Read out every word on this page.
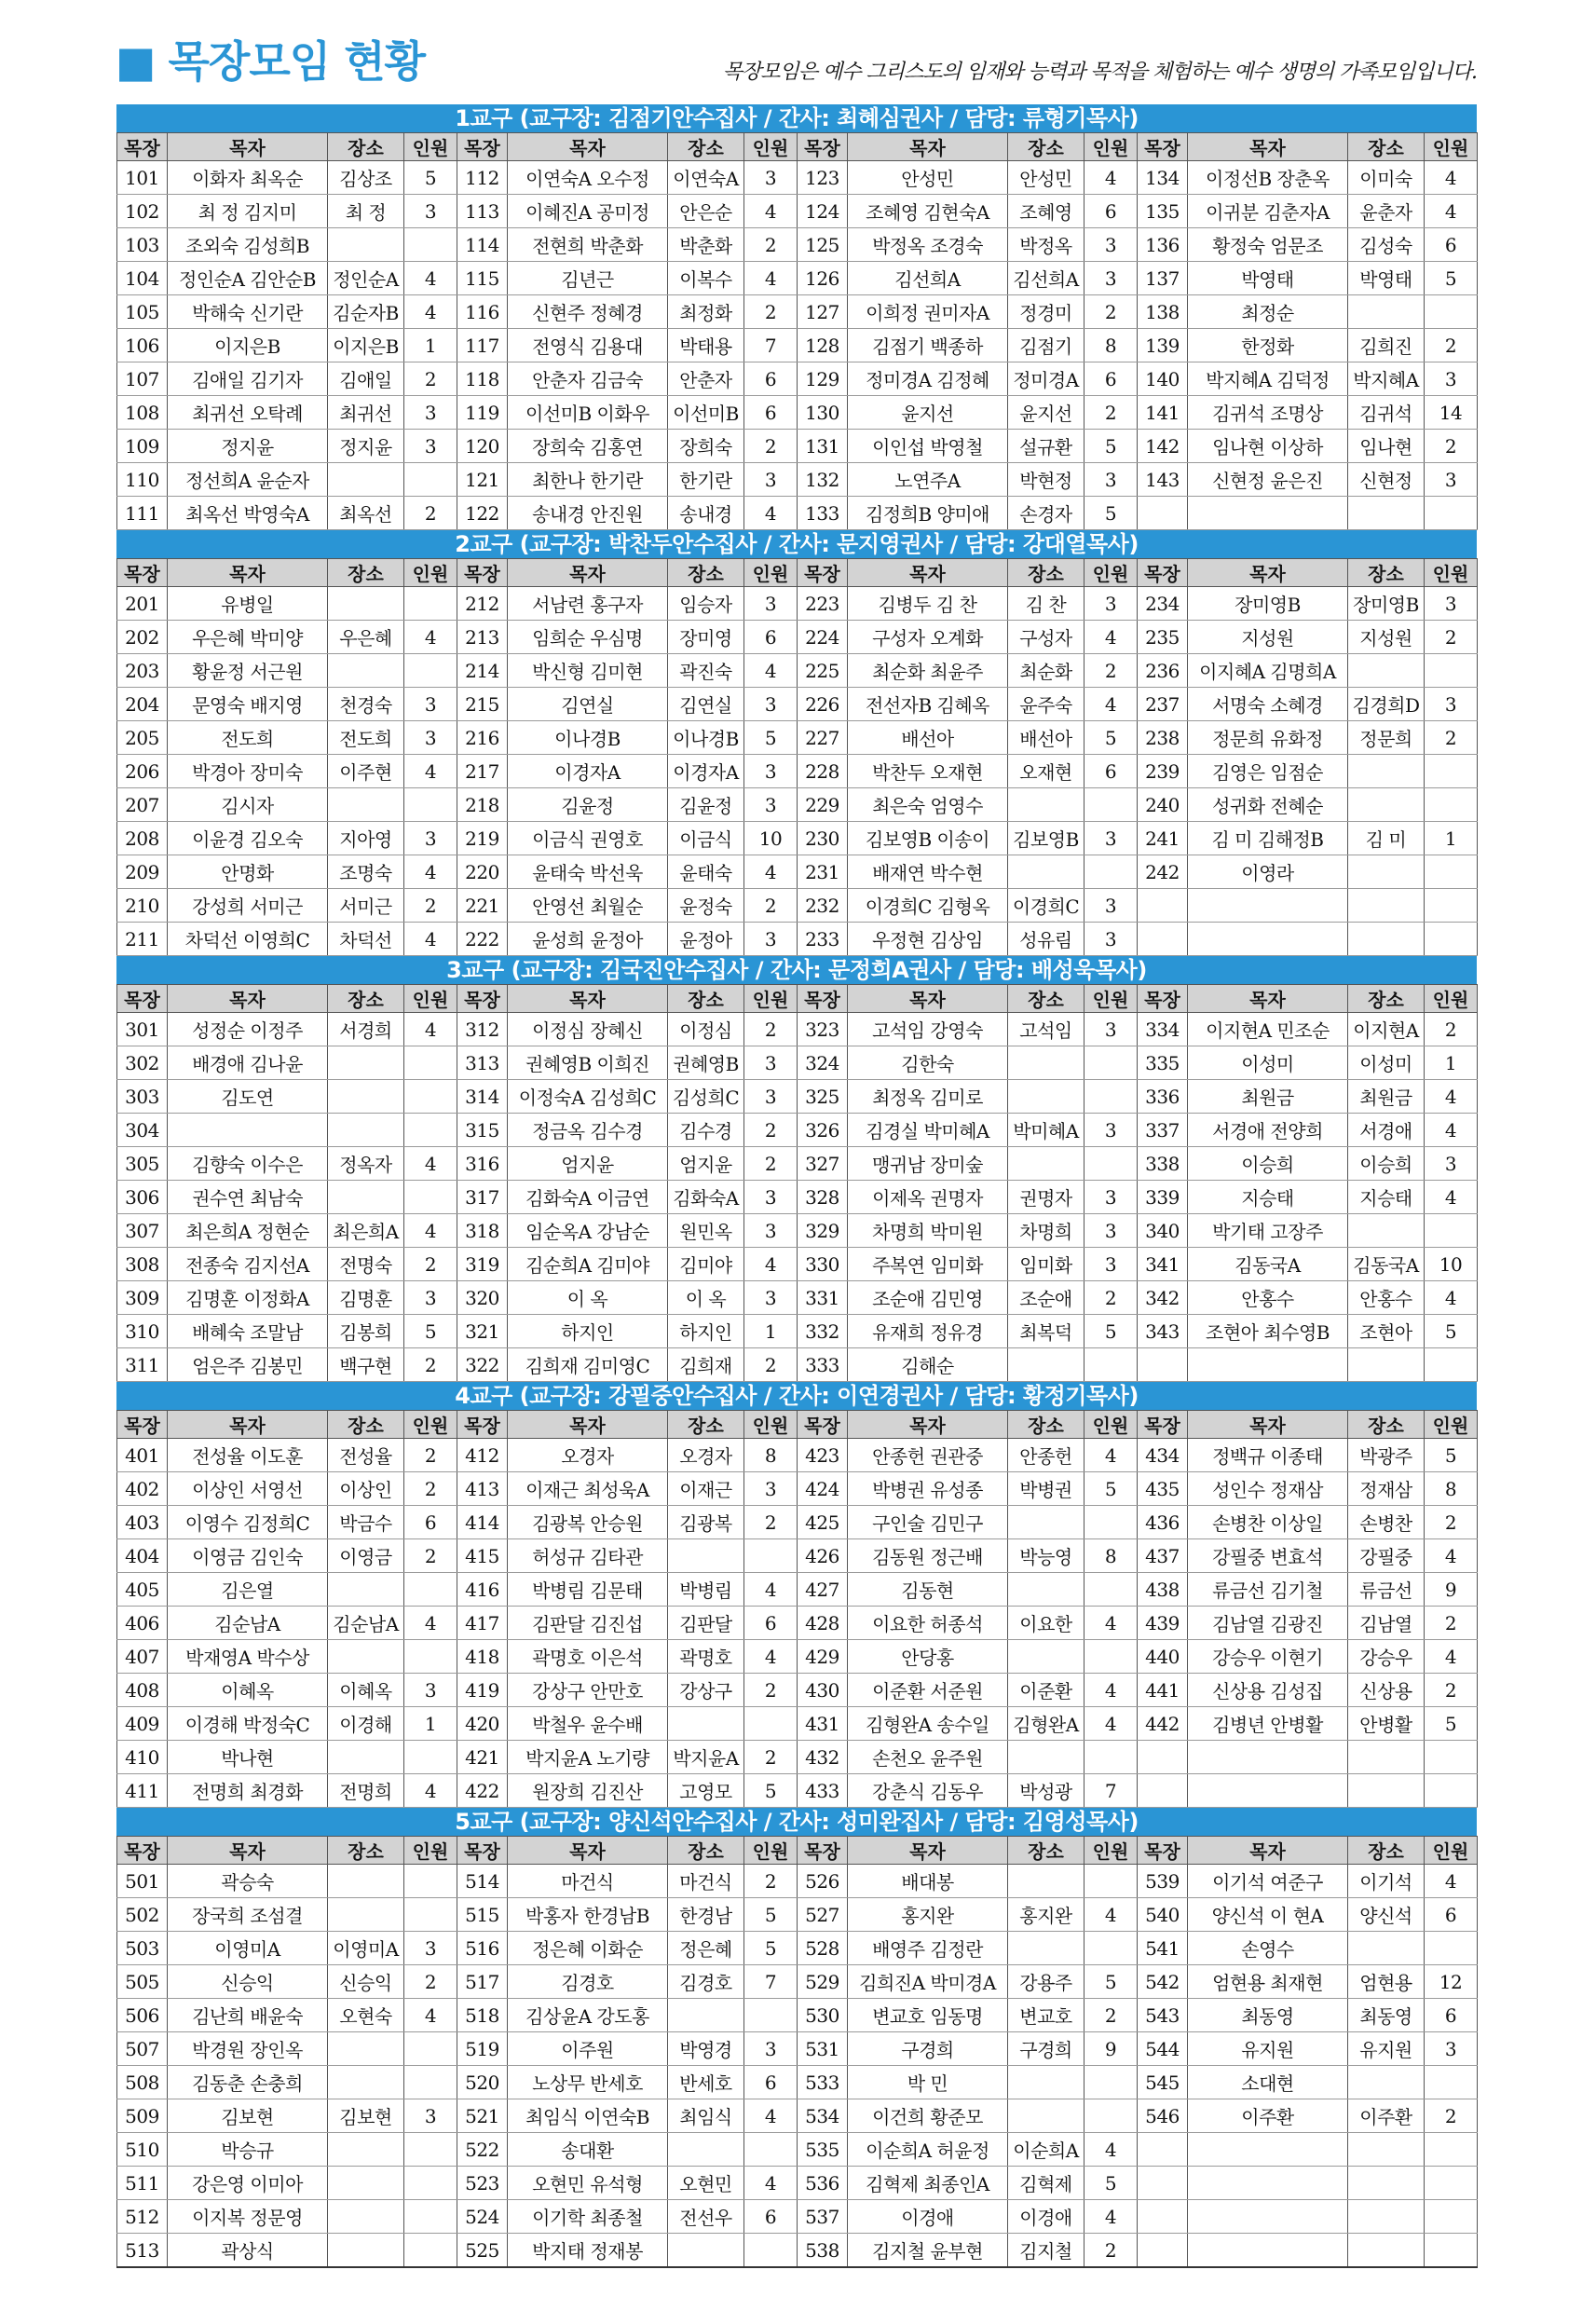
■ 목장모임 현황	목장모임은 예수 그리스도의 임재와 능력과 목적을 체험하는 예수 생명의 가족모임입니다.
1교구 (교구장: 김점기안수집사 / 간사: 최혜심권사 / 담당: 류형기목사)
목장	목자	장소	인원	목장	목자	장소	인원	목장	목자	장소	인원	목장	목자	장소	인원
101	이화자 최옥순	김상조	5	112	이연숙A 오수정	이연숙A	3	123	안성민	안성민	4	134	이정선B 장춘옥	이미숙	4
102	최 정 김지미	최 정	3	113	이혜진A 공미정	안은순	4	124	조혜영 김현숙A	조혜영	6	135	이귀분 김춘자A	윤춘자	4
103	조외숙 김성희B			114	전현희 박춘화	박춘화	2	125	박정옥 조경숙	박정옥	3	136	황정숙 엄문조	김성숙	6
104	정인순A 김안순B	정인순A	4	115	김년근	이복수	4	126	김선희A	김선희A	3	137	박영태	박영태	5
105	박해숙 신기란	김순자B	4	116	신현주 정혜경	최정화	2	127	이희정 권미자A	정경미	2	138	최정순		
106	이지은B	이지은B	1	117	전영식 김용대	박태용	7	128	김점기 백종하	김점기	8	139	한정화	김희진	2
107	김애일 김기자	김애일	2	118	안춘자 김금숙	안춘자	6	129	정미경A 김정혜	정미경A	6	140	박지혜A 김덕정	박지혜A	3
108	최귀선 오탁례	최귀선	3	119	이선미B 이화우	이선미B	6	130	윤지선	윤지선	2	141	김귀석 조명상	김귀석	14
109	정지윤	정지윤	3	120	장희숙 김홍연	장희숙	2	131	이인섭 박영철	설규환	5	142	임나현 이상하	임나현	2
110	정선희A 윤순자			121	최한나 한기란	한기란	3	132	노연주A	박현정	3	143	신현정 윤은진	신현정	3
111	최옥선 박영숙A	최옥선	2	122	송내경 안진원	송내경	4	133	김정희B 양미애	손경자	5				
2교구 (교구장: 박찬두안수집사 / 간사: 문지영권사 / 담당: 강대열목사)
목장	목자	장소	인원	목장	목자	장소	인원	목장	목자	장소	인원	목장	목자	장소	인원
201	유병일			212	서남련 홍구자	임승자	3	223	김병두 김 찬	김 찬	3	234	장미영B	장미영B	3
202	우은혜 박미양	우은혜	4	213	임희순 우심명	장미영	6	224	구성자 오계화	구성자	4	235	지성원	지성원	2
203	황윤정 서근원			214	박신형 김미현	곽진숙	4	225	최순화 최윤주	최순화	2	236	이지혜A 김명희A		
204	문영숙 배지영	천경숙	3	215	김연실	김연실	3	226	전선자B 김혜옥	윤주숙	4	237	서명숙 소혜경	김경희D	3
205	전도희	전도희	3	216	이나경B	이나경B	5	227	배선아	배선아	5	238	정문희 유화정	정문희	2
206	박경아 장미숙	이주현	4	217	이경자A	이경자A	3	228	박찬두 오재현	오재현	6	239	김영은 임점순		
207	김시자			218	김윤정	김윤정	3	229	최은숙 엄영수			240	성귀화 전혜순		
208	이윤경 김오숙	지아영	3	219	이금식 권영호	이금식	10	230	김보영B 이송이	김보영B	3	241	김 미 김해정B	김 미	1
209	안명화	조명숙	4	220	윤태숙 박선욱	윤태숙	4	231	배재연 박수현			242	이영라		
210	강성희 서미근	서미근	2	221	안영선 최월순	윤정숙	2	232	이경희C 김형옥	이경희C	3				
211	차덕선 이영희C	차덕선	4	222	윤성희 윤정아	윤정아	3	233	우정현 김상임	성유림	3				
3교구 (교구장: 김국진안수집사 / 간사: 문정희A권사 / 담당: 배성욱목사)
목장	목자	장소	인원	목장	목자	장소	인원	목장	목자	장소	인원	목장	목자	장소	인원
301	성정순 이정주	서경희	4	312	이정심 장혜신	이정심	2	323	고석임 강영숙	고석임	3	334	이지현A 민조순	이지현A	2
302	배경애 김나윤			313	권혜영B 이희진	권혜영B	3	324	김한숙			335	이성미	이성미	1
303	김도연			314	이정숙A 김성희C	김성희C	3	325	최정옥 김미로			336	최원금	최원금	4
304				315	정금옥 김수경	김수경	2	326	김경실 박미혜A	박미혜A	3	337	서경애 전양희	서경애	4
305	김향숙 이수은	정옥자	4	316	엄지윤	엄지윤	2	327	맹귀남 장미숲			338	이승희	이승희	3
306	권수연 최남숙			317	김화숙A 이금연	김화숙A	3	328	이제옥 권명자	권명자	3	339	지승태	지승태	4
307	최은희A 정현순	최은희A	4	318	임순옥A 강남순	원민옥	3	329	차명희 박미원	차명희	3	340	박기태 고장주		
308	전종숙 김지선A	전명숙	2	319	김순희A 김미야	김미야	4	330	주복연 임미화	임미화	3	341	김동국A	김동국A	10
309	김명훈 이정화A	김명훈	3	320	이 옥	이 옥	3	331	조순애 김민영	조순애	2	342	안홍수	안홍수	4
310	배혜숙 조말남	김봉희	5	321	하지인	하지인	1	332	유재희 정유경	최복덕	5	343	조현아 최수영B	조현아	5
311	엄은주 김봉민	백구현	2	322	김희재 김미영C	김희재	2	333	김해순						
4교구 (교구장: 강필중안수집사 / 간사: 이연경권사 / 담당: 황정기목사)
목장	목자	장소	인원	목장	목자	장소	인원	목장	목자	장소	인원	목장	목자	장소	인원
401	전성율 이도훈	전성율	2	412	오경자	오경자	8	423	안종헌 권관중	안종헌	4	434	정백규 이종태	박광주	5
402	이상인 서영선	이상인	2	413	이재근 최성욱A	이재근	3	424	박병권 유성종	박병권	5	435	성인수 정재삼	정재삼	8
403	이영수 김정희C	박금수	6	414	김광복 안승원	김광복	2	425	구인술 김민구			436	손병찬 이상일	손병찬	2
404	이영금 김인숙	이영금	2	415	허성규 김타관			426	김동원 정근배	박능영	8	437	강필중 변효석	강필중	4
405	김은열			416	박병림 김문태	박병림	4	427	김동현			438	류금선 김기철	류금선	9
406	김순남A	김순남A	4	417	김판달 김진섭	김판달	6	428	이요한 허종석	이요한	4	439	김남열 김광진	김남열	2
407	박재영A 박수상			418	곽명호 이은석	곽명호	4	429	안당홍			440	강승우 이현기	강승우	4
408	이혜옥	이혜옥	3	419	강상구 안만호	강상구	2	430	이준환 서준원	이준환	4	441	신상용 김성집	신상용	2
409	이경해 박정숙C	이경해	1	420	박철우 윤수배			431	김형완A 송수일	김형완A	4	442	김병년 안병활	안병활	5
410	박나현			421	박지윤A 노기량	박지윤A	2	432	손천오 윤주원						
411	전명희 최경화	전명희	4	422	원장희 김진산	고영모	5	433	강춘식 김동우	박성광	7				
5교구 (교구장: 양신석안수집사 / 간사: 성미완집사 / 담당: 김영성목사)
목장	목자	장소	인원	목장	목자	장소	인원	목장	목자	장소	인원	목장	목자	장소	인원
501	곽승숙			514	마건식	마건식	2	526	배대봉			539	이기석 여준구	이기석	4
502	장국희 조섬결			515	박홍자 한경남B	한경남	5	527	홍지완	홍지완	4	540	양신석 이 현A	양신석	6
503	이영미A	이영미A	3	516	정은혜 이화순	정은혜	5	528	배영주 김정란			541	손영수		
505	신승익	신승익	2	517	김경호	김경호	7	529	김희진A 박미경A	강용주	5	542	엄현용 최재현	엄현용	12
506	김난희 배윤숙	오현숙	4	518	김상윤A 강도홍			530	변교호 임동명	변교호	2	543	최동영	최동영	6
507	박경원 장인옥			519	이주원	박영경	3	531	구경희	구경희	9	544	유지원	유지원	3
508	김동춘 손충희			520	노상무 반세호	반세호	6	533	박 민			545	소대현		
509	김보현	김보현	3	521	최임식 이연숙B	최임식	4	534	이건희 황준모			546	이주환	이주환	2
510	박승규			522	송대환			535	이순희A 허윤정	이순희A	4				
511	강은영 이미아			523	오현민 유석형	오현민	4	536	김혁제 최종인A	김혁제	5				
512	이지복 정문영			524	이기학 최종철	전선우	6	537	이경애	이경애	4				
513	곽상식			525	박지태 정재봉			538	김지철 윤부현	김지철	2				
